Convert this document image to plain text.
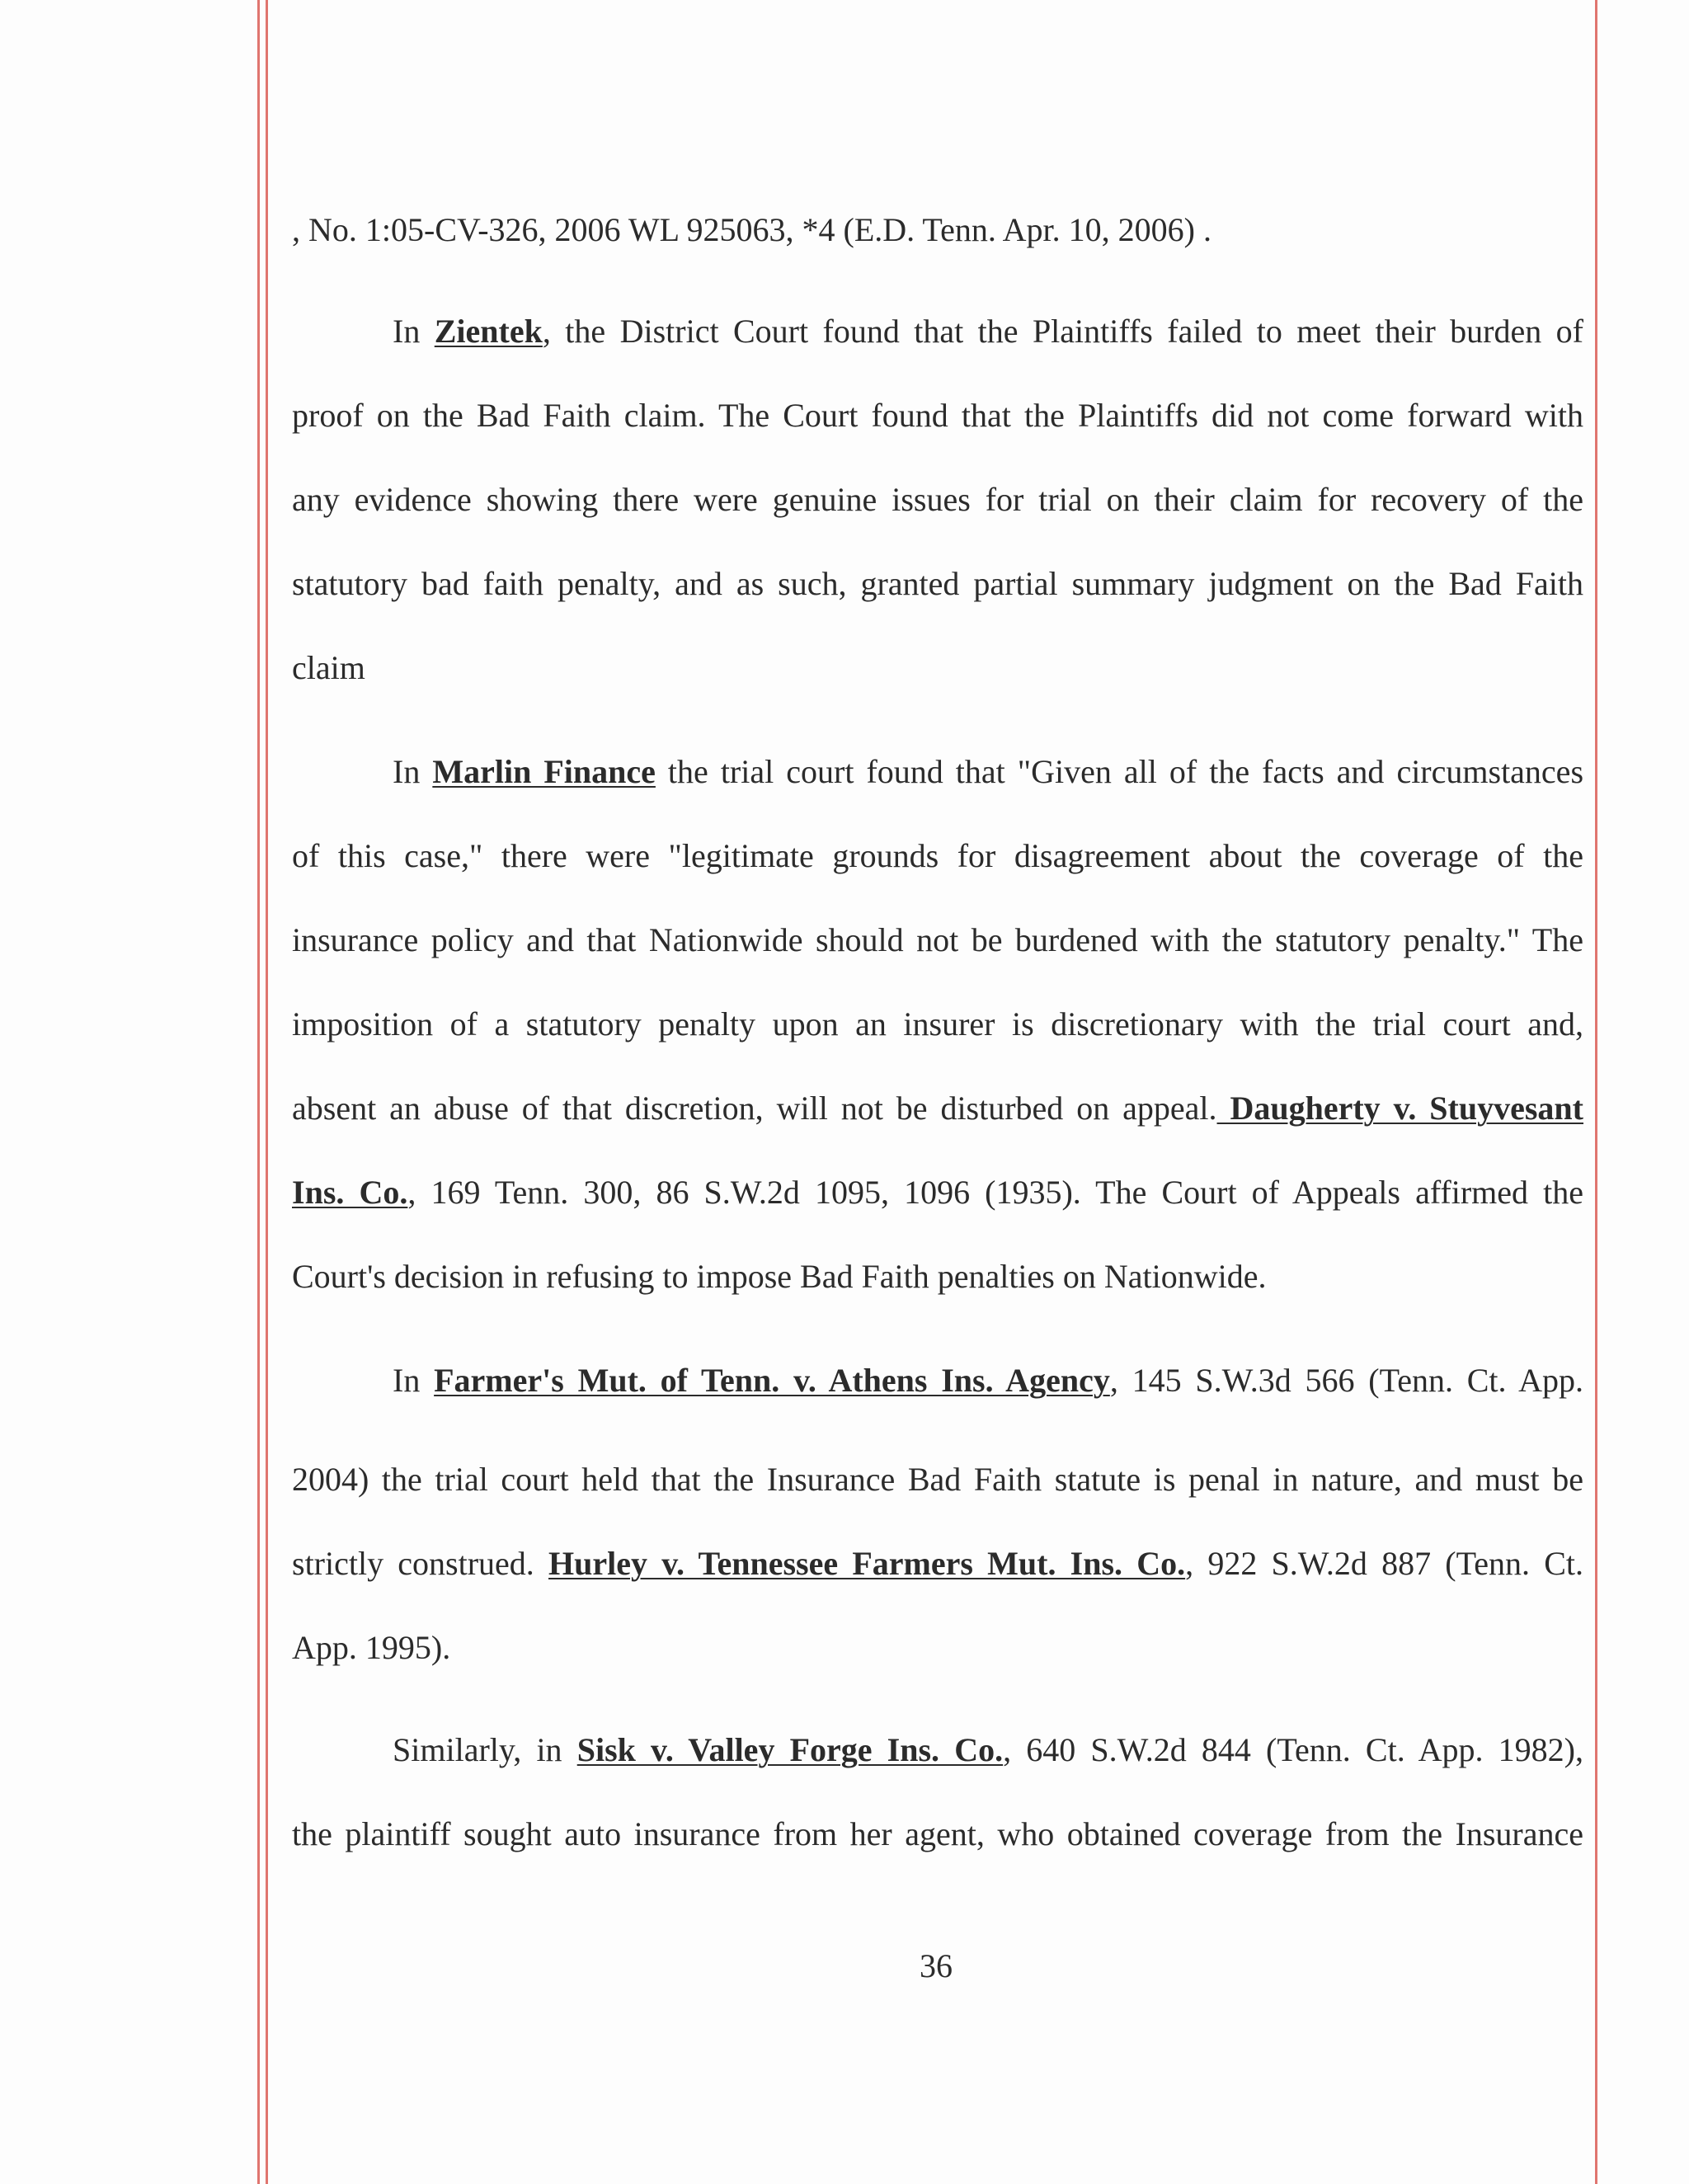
, No. 1:05-CV-326, 2006 WL 925063, *4 (E.D. Tenn. Apr. 10, 2006) .
In Zientek, the District Court found that the Plaintiffs failed to meet their burden of
proof on the Bad Faith claim. The Court found that the Plaintiffs did not come forward with
any evidence showing there were genuine issues for trial on their claim for recovery of the
statutory bad faith penalty, and as such, granted partial summary judgment on the Bad Faith
claim
In Marlin Finance the trial court found that "Given all of the facts and circumstances
of this case," there were "legitimate grounds for disagreement about the coverage of the
insurance policy and that Nationwide should not be burdened with the statutory penalty." The
imposition of a statutory penalty upon an insurer is discretionary with the trial court and,
absent an abuse of that discretion, will not be disturbed on appeal. Daugherty v. Stuyvesant
Ins. Co., 169 Tenn. 300, 86 S.W.2d 1095, 1096 (1935). The Court of Appeals affirmed the
Court's decision in refusing to impose Bad Faith penalties on Nationwide.
In Farmer's Mut. of Tenn. v. Athens Ins. Agency, 145 S.W.3d 566 (Tenn. Ct. App.
2004) the trial court held that the Insurance Bad Faith statute is penal in nature, and must be
strictly construed. Hurley v. Tennessee Farmers Mut. Ins. Co., 922 S.W.2d 887 (Tenn. Ct.
App. 1995).
Similarly, in Sisk v. Valley Forge Ins. Co., 640 S.W.2d 844 (Tenn. Ct. App. 1982),
the plaintiff sought auto insurance from her agent, who obtained coverage from the Insurance
36
